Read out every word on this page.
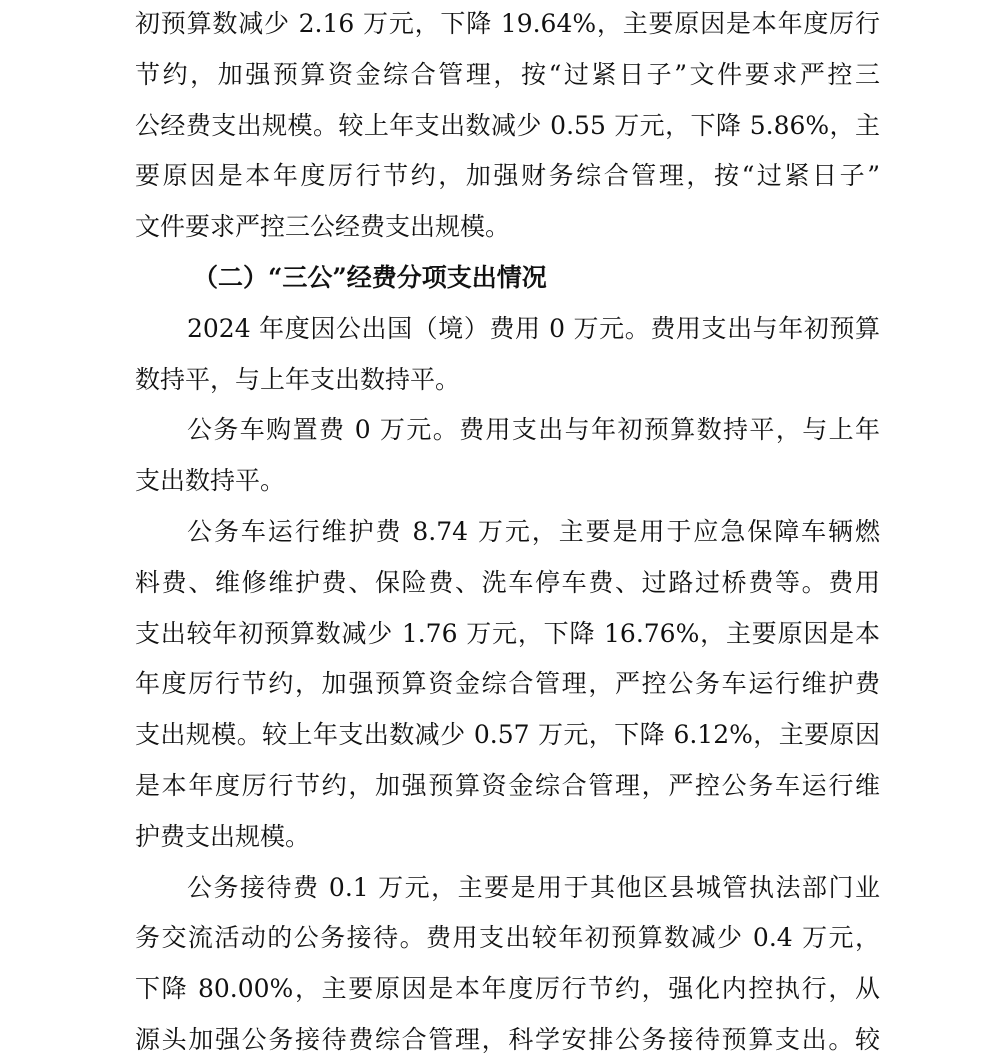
初预算数减少 2.16 万元，下降 19.64%，主要原因是本年度厉行
节约，加强预算资金综合管理，按“过紧日子”文件要求严控三
公经费支出规模。较上年支出数减少 0.55 万元，下降 5.86%，主
要原因是本年度厉行节约，加强财务综合管理，按“过紧日子”
文件要求严控三公经费支出规模。
（二）“三公”经费分项支出情况
2024 年度因公出国（境）费用 0 万元。费用支出与年初预算
数持平，与上年支出数持平。
公务车购置费 0 万元。费用支出与年初预算数持平，与上年
支出数持平。
公务车运行维护费 8.74 万元，主要是用于应急保障车辆燃
料费、维修维护费、保险费、洗车停车费、过路过桥费等。费用
支出较年初预算数减少 1.76 万元，下降 16.76%，主要原因是本
年度厉行节约，加强预算资金综合管理，严控公务车运行维护费
支出规模。较上年支出数减少 0.57 万元，下降 6.12%，主要原因
是本年度厉行节约，加强预算资金综合管理，严控公务车运行维
护费支出规模。
公务接待费 0.1 万元，主要是用于其他区县城管执法部门业
务交流活动的公务接待。费用支出较年初预算数减少 0.4 万元，
下降 80.00%，主要原因是本年度厉行节约，强化内控执行，从
源头加强公务接待费综合管理，科学安排公务接待预算支出。较
